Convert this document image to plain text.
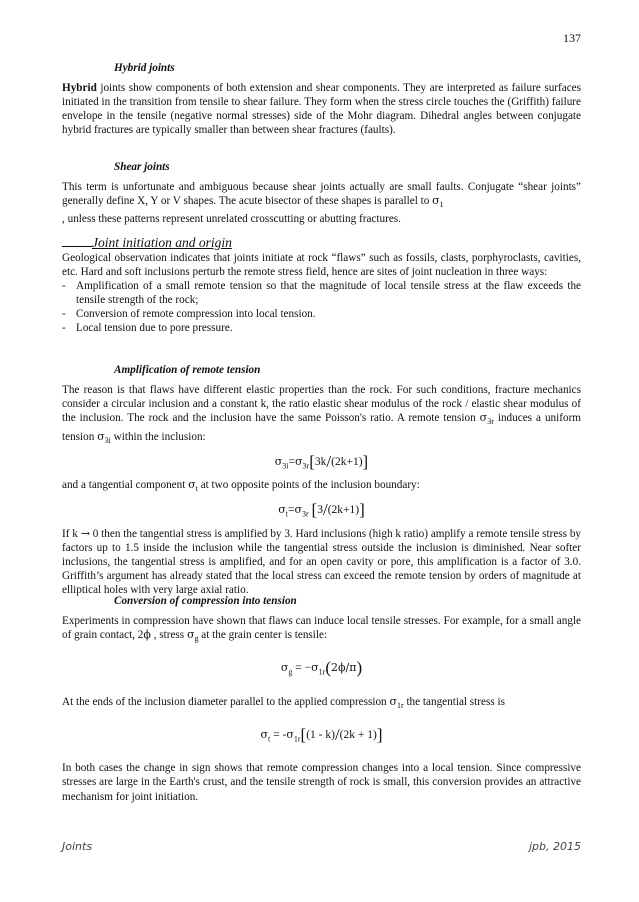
137

Hybrid joints

Hybrid joints show components of both extension and shear components. They are interpreted as failure surfaces initiated in the transition from tensile to shear failure. They form when the stress circle touches the (Griffith) failure envelope in the tensile (negative normal stresses) side of the Mohr diagram. Dihedral angles between conjugate hybrid fractures are typically smaller than between shear fractures (faults).

Shear joints

This term is unfortunate and ambiguous because shear joints actually are small faults. Conjugate “shear joints” generally define X, Y or V shapes. The acute bisector of these shapes is parallel to $\sigma_1$
, unless these patterns represent unrelated crosscutting or abutting fractures.

Joint initiation and origin

Geological observation indicates that joints initiate at rock “flaws” such as fossils, clasts, porphyroclasts, cavities, etc. Hard and soft inclusions perturb the remote stress field, hence are sites of joint nucleation in three ways:

- Amplification of a small remote tension so that the magnitude of local tensile stress at the flaw exceeds the tensile strength of the rock;

- Conversion of remote compression into local tension.

- Local tension due to pore pressure.

Amplification of remote tension

The reason is that flaws have different elastic properties than the rock. For such conditions, fracture mechanics consider a circular inclusion and a constant k, the ratio elastic shear modulus of the rock / elastic shear modulus of the inclusion. The rock and the inclusion have the same Poisson's ratio. A remote tension $\sigma_{3r}$ induces a uniform tension $\sigma_{3i}$ within the inclusion:

$\sigma_{3i}=\sigma_{3r}[3k/(2k+1)]$

and a tangential component $\sigma_t$ at two opposite points of the inclusion boundary:

$\sigma_t=\sigma_{3r}$ [3/(2k+1)]

If k → 0 then the tangential stress is amplified by 3. Hard inclusions (high k ratio) amplify a remote tensile stress by factors up to 1.5 inside the inclusion while the tangential stress outside the inclusion is diminished. Near softer inclusions, the tangential stress is amplified, and for an open cavity or pore, this amplification is a factor of 3.0. Griffith’s argument has already stated that the local stress can exceed the remote tension by orders of magnitude at elliptical holes with very large axial ratio.

Conversion of compression into tension

Experiments in compression have shown that flaws can induce local tensile stresses. For example, for a small angle of grain contact, 2ϕ , stress $\sigma_g$ at the grain center is tensile:

$\sigma_g = -\sigma_{1r}(2\phi/\pi)$

At the ends of the inclusion diameter parallel to the applied compression $\sigma_{1r}$ the tangential stress is

$\sigma_t = -\sigma_{1r}[(1 - k)/(2k + 1)]$

In both cases the change in sign shows that remote compression changes into a local tension. Since compressive stresses are large in the Earth's crust, and the tensile strength of rock is small, this conversion provides an attractive mechanism for joint initiation.

Joints	jpb, 2015
